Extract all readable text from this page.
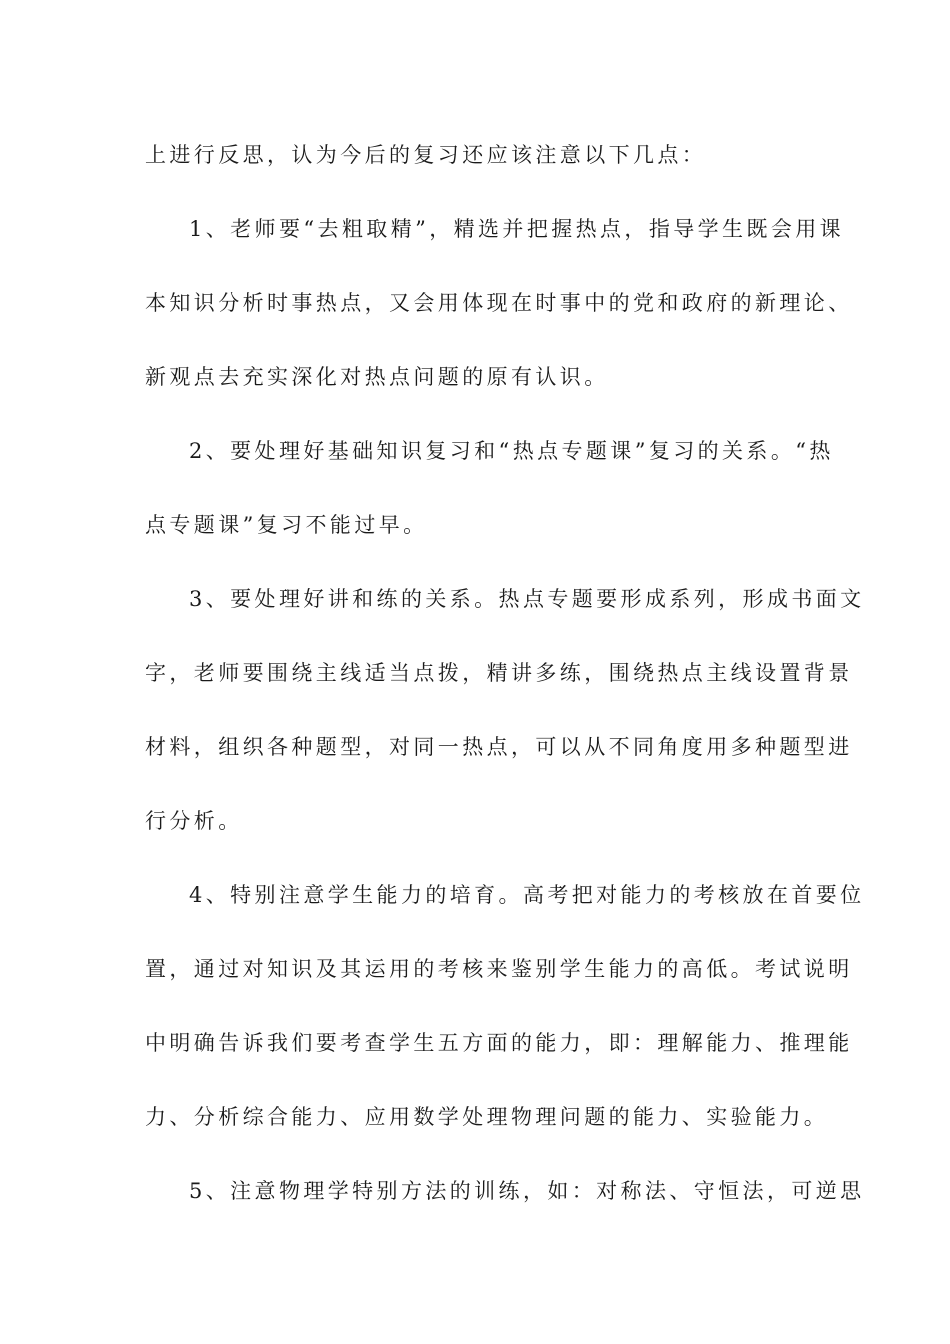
上进行反思，认为今后的复习还应该注意以下几点：
1、老师要“去粗取精”，精选并把握热点，指导学生既会用课
本知识分析时事热点，又会用体现在时事中的党和政府的新理论、
新观点去充实深化对热点问题的原有认识。
2、要处理好基础知识复习和“热点专题课”复习的关系。“热
点专题课”复习不能过早。
3、要处理好讲和练的关系。热点专题要形成系列，形成书面文
字，老师要围绕主线适当点拨，精讲多练，围绕热点主线设置背景
材料，组织各种题型，对同一热点，可以从不同角度用多种题型进
行分析。
4、特别注意学生能力的培育。高考把对能力的考核放在首要位
置，通过对知识及其运用的考核来鉴别学生能力的高低。考试说明
中明确告诉我们要考查学生五方面的能力，即：理解能力、推理能
力、分析综合能力、应用数学处理物理问题的能力、实验能力。
5、注意物理学特别方法的训练，如：对称法、守恒法，可逆思
